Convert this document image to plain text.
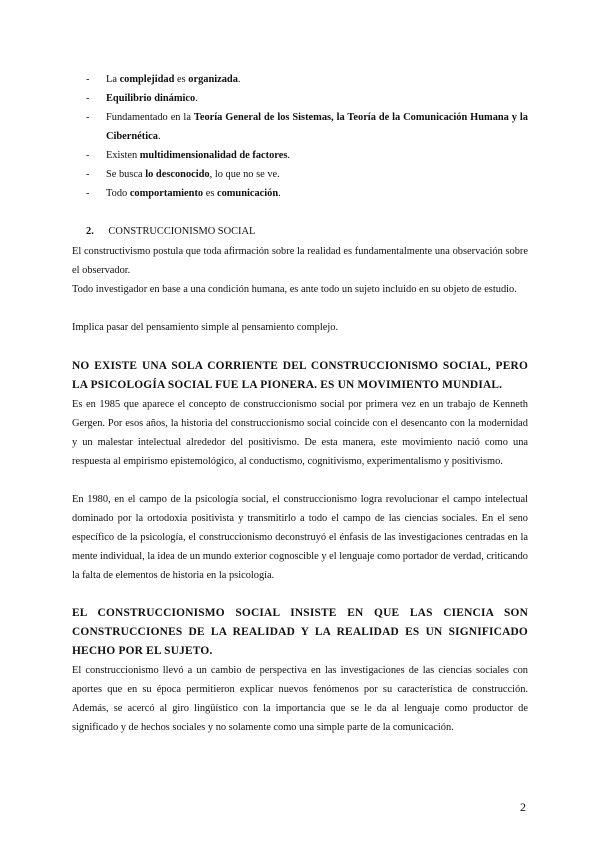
- La complejidad es organizada.
- Equilibrio dinámico.
- Fundamentado en la Teoría General de los Sistemas, la Teoría de la Comunicación Humana y la Cibernética.
- Existen multidimensionalidad de factores.
- Se busca lo desconocido, lo que no se ve.
- Todo comportamiento es comunicación.
2. CONSTRUCCIONISMO SOCIAL

El constructivismo postula que toda afirmación sobre la realidad es fundamentalmente una observación sobre el observador.

Todo investigador en base a una condición humana, es ante todo un sujeto incluido en su objeto de estudio.

Implica pasar del pensamiento simple al pensamiento complejo.

NO EXISTE UNA SOLA CORRIENTE DEL CONSTRUCCIONISMO SOCIAL, PERO LA PSICOLOGÍA SOCIAL FUE LA PIONERA. ES UN MOVIMIENTO MUNDIAL.

Es en 1985 que aparece el concepto de construccionismo social por primera vez en un trabajo de Kenneth Gergen. Por esos años, la historia del construccionismo social coincide con el desencanto con la modernidad y un malestar intelectual alrededor del positivismo. De esta manera, este movimiento nació como una respuesta al empirismo epistemológico, al conductismo, cognitivismo, experimentalismo y positivismo.

En 1980, en el campo de la psicología social, el construccionismo logra revolucionar el campo intelectual dominado por la ortodoxia positivista y transmitirlo a todo el campo de las ciencias sociales. En el seno específico de la psicología, el construccionismo deconstruyó el énfasis de las investigaciones centradas en la mente individual, la idea de un mundo exterior cognoscible y el lenguaje como portador de verdad, criticando la falta de elementos de historia en la psicología.

EL CONSTRUCCIONISMO SOCIAL INSISTE EN QUE LAS CIENCIA SON CONSTRUCCIONES DE LA REALIDAD Y LA REALIDAD ES UN SIGNIFICADO HECHO POR EL SUJETO.

El construccionismo llevó a un cambio de perspectiva en las investigaciones de las ciencias sociales con aportes que en su época permitieron explicar nuevos fenómenos por su característica de construcción. Además, se acercó al giro lingüístico con la importancia que se le da al lenguaje como productor de significado y de hechos sociales y no solamente como una simple parte de la comunicación.

2
